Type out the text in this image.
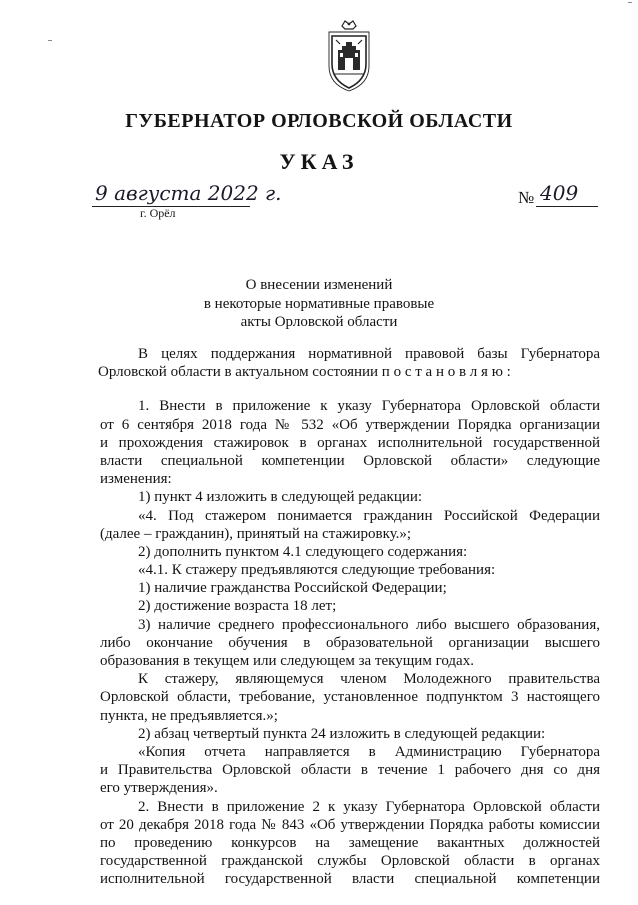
ГУБЕРНАТОР ОРЛОВСКОЙ ОБЛАСТИ
УКАЗ
9 августа 2022 г.
г. Орёл
№ 409
О внесении изменений
в некоторые нормативные правовые
акты Орловской области
В целях поддержания нормативной правовой базы Губернатора
Орловской области в актуальном состоянии п о с т а н о в л я ю :
1. Внести в приложение к указу Губернатора Орловской области
от 6 сентября 2018 года № 532 «Об утверждении Порядка организации
и прохождения стажировок в органах исполнительной государственной
власти специальной компетенции Орловской области» следующие
изменения:
1) пункт 4 изложить в следующей редакции:
«4. Под стажером понимается гражданин Российской Федерации
(далее – гражданин), принятый на стажировку.»;
2) дополнить пунктом 4.1 следующего содержания:
«4.1. К стажеру предъявляются следующие требования:
1) наличие гражданства Российской Федерации;
2) достижение возраста 18 лет;
3) наличие среднего профессионального либо высшего образования,
либо окончание обучения в образовательной организации высшего
образования в текущем или следующем за текущим годах.
К стажеру, являющемуся членом Молодежного правительства
Орловской области, требование, установленное подпунктом 3 настоящего
пункта, не предъявляется.»;
2) абзац четвертый пункта 24 изложить в следующей редакции:
«Копия отчета направляется в Администрацию Губернатора
и Правительства Орловской области в течение 1 рабочего дня со дня
его утверждения».
2. Внести в приложение 2 к указу Губернатора Орловской области
от 20 декабря 2018 года № 843 «Об утверждении Порядка работы комиссии
по проведению конкурсов на замещение вакантных должностей
государственной гражданской службы Орловской области в органах
исполнительной государственной власти специальной компетенции
